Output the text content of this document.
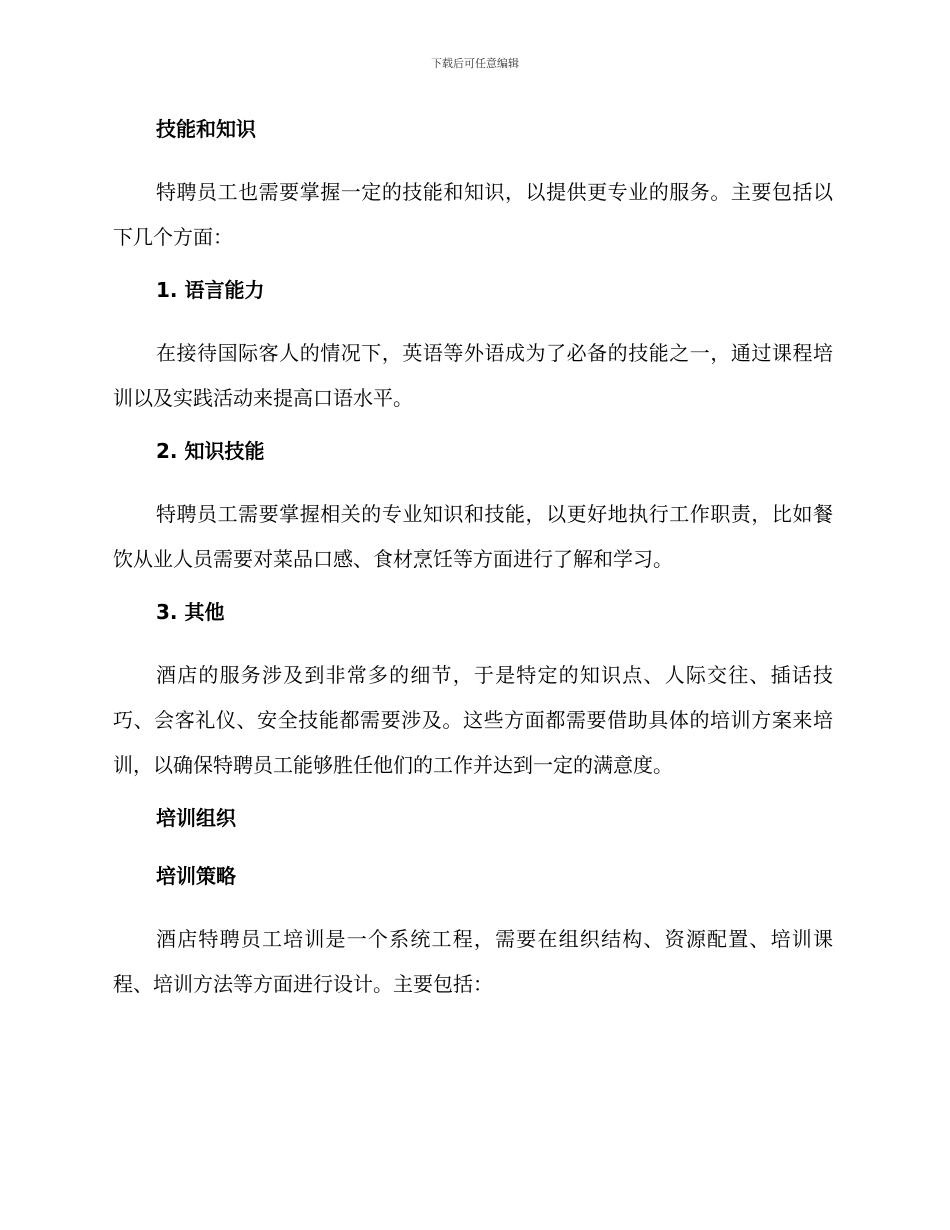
下载后可任意编辑
技能和知识

特聘员工也需要掌握一定的技能和知识，以提供更专业的服务。主要包括以下几个方面：

1. 语言能力

在接待国际客人的情况下，英语等外语成为了必备的技能之一，通过课程培训以及实践活动来提高口语水平。

2. 知识技能

特聘员工需要掌握相关的专业知识和技能，以更好地执行工作职责，比如餐饮从业人员需要对菜品口感、食材烹饪等方面进行了解和学习。

3. 其他

酒店的服务涉及到非常多的细节，于是特定的知识点、人际交往、插话技巧、会客礼仪、安全技能都需要涉及。这些方面都需要借助具体的培训方案来培训，以确保特聘员工能够胜任他们的工作并达到一定的满意度。

培训组织
培训策略

酒店特聘员工培训是一个系统工程，需要在组织结构、资源配置、培训课程、培训方法等方面进行设计。主要包括：
